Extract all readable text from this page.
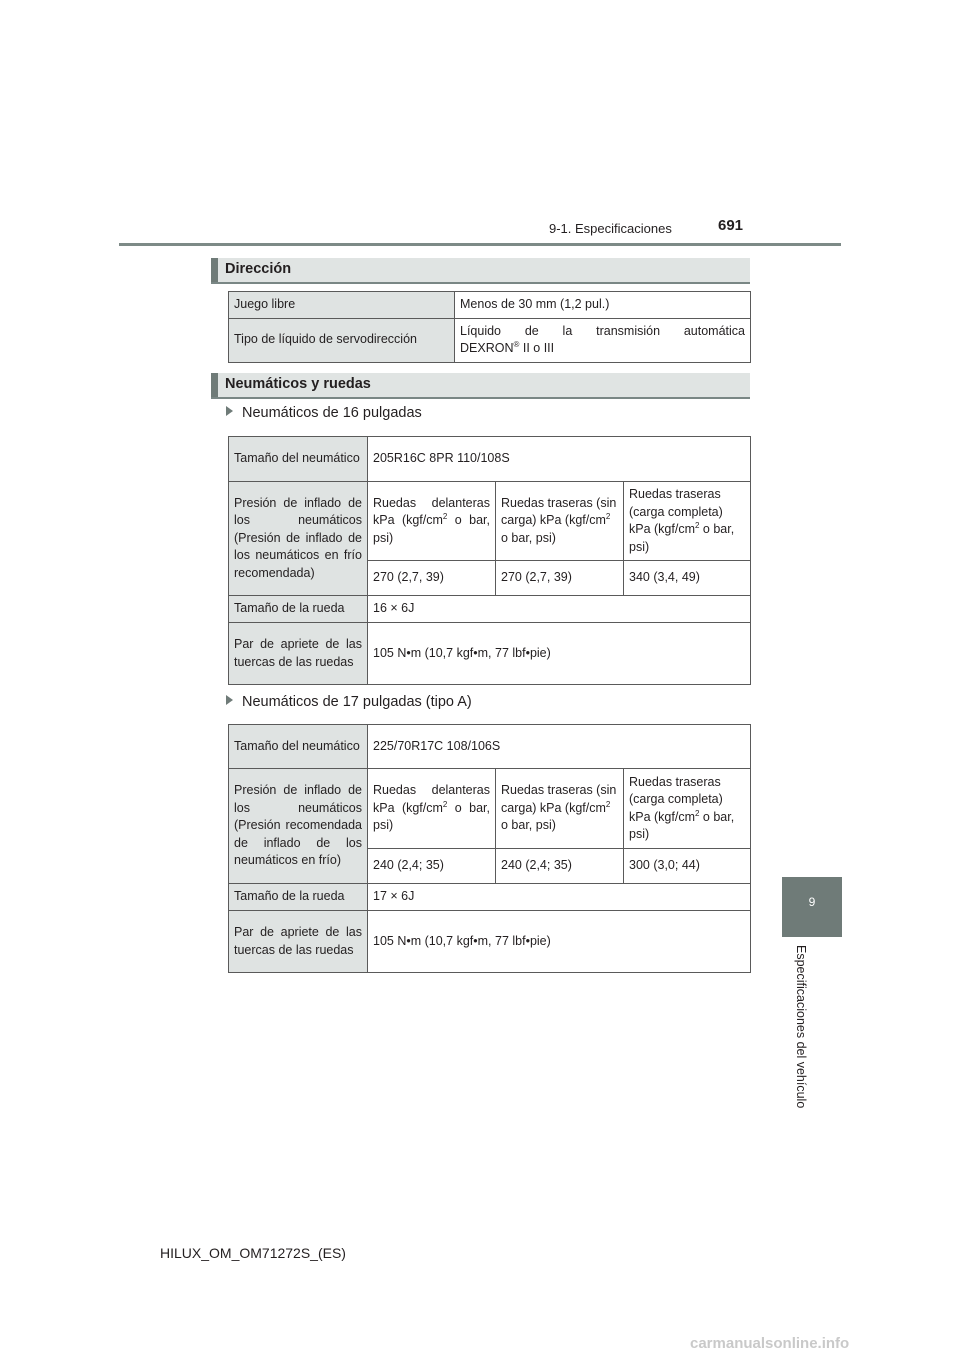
9-1. Especificaciones	691
9
Especificaciones del vehículo
Dirección
Juego libre	Menos de 30 mm (1,2 pul.)
Tipo de líquido de servodirección	Líquido de la transmisión automática
DEXRON® II o III
Neumáticos y ruedas
Neumáticos de 16 pulgadas
Tamaño del neumático	205R16C 8PR 110/108S		
Presión de inflado de los neumáticos (Presión de inflado de los neumáticos en frío recomendada)	Ruedas delanteras kPa ($kgf/cm^2$ o bar, psi)	Ruedas traseras (sin carga) kPa ($kgf/cm^2$ o bar, psi)	Ruedas traseras (carga completa) kPa ($kgf/cm^2$ o bar, psi)
	270 (2,7, 39)	270 (2,7, 39)	340 (3,4, 49)
Tamaño de la rueda	16 × 6J		
Par de apriete de las tuercas de las ruedas	105 N•m (10,7 kgf•m, 77 lbf•pie)		
Neumáticos de 17 pulgadas (tipo A)
Tamaño del neumático	225/70R17C 108/106S		
Presión de inflado de los neumáticos (Presión recomendada de inflado de los neumáticos en frío)	Ruedas delanteras kPa ($kgf/cm^2$ o bar, psi)	Ruedas traseras (sin carga) kPa ($kgf/cm^2$ o bar, psi)	Ruedas traseras (carga completa) kPa ($kgf/cm^2$ o bar, psi)
	240 (2,4; 35)	240 (2,4; 35)	300 (3,0; 44)
Tamaño de la rueda	17 × 6J		
Par de apriete de las tuercas de las ruedas	105 N•m (10,7 kgf•m, 77 lbf•pie)		
HILUX_OM_OM71272S_(ES)
carmanualsonline.info
